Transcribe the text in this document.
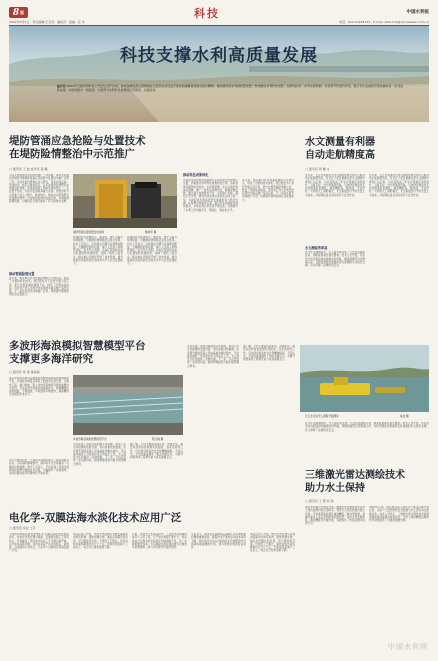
8 版
2022年8月5日 · 责任编辑/王丹丹 · 编校员 · 美编 · 张 末
科技	中国水利报
电话：010-63205233 · E-mail: zbsh.kxb@chinawater.com.cn
科技支撑水利高质量发展
编者按 2022年全国水利科技工作会议召开以来，各地各单位深入贯彻落实习近平总书记关于治水的重要讲话指示批示精神，推动新阶段水利高质量发展，加快推进水利科技创新，在防汛抗旱、水旱灾害防御、水资源节约集约利用、数字孪生流域建设等领域取得一系列创新成果。本版特推出一组报道，介绍部分水利科技成果的应用情况，以飨读者。
堤防管涌应急抢险与处置技术
在堤防险情整治中示范推广
□ 通讯员 王 波 成学亮 姜 曦
为深入贯彻落实水利科技推广工作部署，黄河水利委员会组织开展堤防管涌应急抢险与处置技术推广应用工作。该技术由科研单位自主研发，具有快速反滤、导渗排水、稳定可靠等特点，在多处堤防险情整治中取得良好效果。管涌是堤防工程常见的险情之一，若处置不及时，可能引发溃堤等重大灾害。传统抢险方法需要大量人力物力，耗时较长。新技术采用装配式反滤围井结构，可在较短时间内完成安装，有效控制险情发展，为堤防安全度汛提供了有力的技术支撑。
推动管涌险情处置
近年来，相关单位针对管涌险情特点开展攻关，形成了完整的技术体系。项目组在多个省份开展示范应用，累计处置管涌险情数十处，经受了汛期实战检验。该技术已列入水利先进实用技术重点推广指导目录，下一步将在更多流域推广应用，持续提升堤防险情应急处置能力。
堤防管涌处置装置安装现场	韩晓军 摄
管涌抢险设备体积小、重量轻，便于运输与快速组装，可根据险情规模灵活组合使用。技术人员表示，该装置在汛期可实现即到即装，大幅缩短抢险时间，减少人员投入和物资消耗。在今年主汛期，多地应用该技术成功处置堤防管涌险情，保障了堤防工程安全。相关单位还组织开展了技术培训，提升基层防汛抢险队伍的技术水平与应急处置能力。
管涌抢险设备体积小、重量轻，便于运输与快速组装，可根据险情规模灵活组合使用。技术人员表示，该装置在汛期可实现即到即装，大幅缩短抢险时间，减少人员投入和物资消耗。在今年主汛期，多地应用该技术成功处置堤防管涌险情，保障了堤防工程安全。相关单位还组织开展了技术培训，提升基层防汛抢险队伍的技术水平与应急处置能力。
推动科技成果转化
水利部坚持把科技创新摆在水利发展全局的核心位置，加快推进水利科技成果转化应用。各地各单位围绕防汛抗旱、水资源管理、水生态保护等重点领域，推广一批先进适用技术，取得显著成效。通过建立成果转化平台、完善推广机制、强化示范引领，推动科技成果从实验室走向工程一线，为新阶段水利高质量发展提供有力科技支撑。在智慧水利建设方面，数字孪生流域建设加快推进，水利业务应用系统不断完善，有效提升了水利工作的数字化、网络化、智能化水平。
近年来，相关单位针对管涌险情特点开展攻关，形成了完整的技术体系。项目组在多个省份开展示范应用，累计处置管涌险情数十处，经受了汛期实战检验。该技术已列入水利先进实用技术重点推广指导目录，下一步将在更多流域推广应用，持续提升堤防险情应急处置能力。
水文测量有利器
自动走航精度高
□ 通讯员 周 耀 文
近年来，长江水利委员会水文局组织研发的无人船自动走航测量系统，在长江干流及重要支流水文测验中得到广泛应用。该系统集成了声学多普勒流速剖面仪、卫星定位、自动导航等设备，可按预设航线自主完成断面流量测验，测量精度高、效率高、安全性好。与传统人工测船相比，无人船测量可节约大量人力成本，并能够在复杂水流条件下安全作业。
水文测验效率高
在今年汛期测验中，无人船系统完成了大量流量测验任务，测验成果满足规范要求。技术人员介绍，该系统支持远程监控和数据实时传输，测验数据可自动整编入库，为防汛调度决策提供及时准确的水文信息支撑，有力保障了流域防洪安全。
近年来，长江水利委员会水文局组织研发的无人船自动走航测量系统，在长江干流及重要支流水文测验中得到广泛应用。该系统集成了声学多普勒流速剖面仪、卫星定位、自动导航等设备，可按预设航线自主完成断面流量测验，测量精度高、效率高、安全性好。与传统人工测船相比，无人船测量可节约大量人力成本，并能够在复杂水流条件下安全作业。
长江水文局无人测船开展测验	杨成 摄
多波形海浪模拟智慧模型平台
支撑更多海洋研究
□ 通讯员 常 建 黄丽娟
南京水利科学研究院建成的多波形海浪模拟智慧模型平台，可模拟多种复杂海况下的波浪运动过程，为海岸工程、港口航道、海上风电等领域研究提供重要技术手段。平台采用先进的造波控制技术，能够精确生成规则波、不规则波、多向波等多种波形，模拟精度达到国际先进水平。
该平台建成以来，已承担多项国家重大工程试验研究任务，为沿海防潮堤建设、港口码头设计等提供了可靠的试验数据。研究人员表示，平台实现了试验过程智能化控制与数据自动采集，大幅提升了试验效率，未来将面向更多科研单位开放共享。
多波形海浪模拟智慧模型平台	陈志刚 摄
平台实现了试验过程的数字化管理，研究人员可远程操控造波设备、实时查看试验数据。在近期开展的某海上风电基础冲刷试验中，平台成功模拟了台风浪作用下的复杂工况，为工程设计优化提供了关键依据。下一步，平台还将进一步拓展功能，推进物理模型与数学模型耦合研究。
据了解，平台主要由造波系统、消波系统、测量系统和智能控制系统组成，各系统协同工作，可实现对海浪的全过程精确模拟。专家认为，平台的建成填补了相关领域空白，对提升我国海洋工程研究能力具有重要意义。
平台实现了试验过程的数字化管理，研究人员可远程操控造波设备、实时查看试验数据。在近期开展的某海上风电基础冲刷试验中，平台成功模拟了台风浪作用下的复杂工况，为工程设计优化提供了关键依据。下一步，平台还将进一步拓展功能，推进物理模型与数学模型耦合研究。
据了解，平台主要由造波系统、消波系统、测量系统和智能控制系统组成，各系统协同工作，可实现对海浪的全过程精确模拟。专家认为，平台的建成填补了相关领域空白，对提升我国海洋工程研究能力具有重要意义。
电化学-双膜法海水淡化技术应用广泛
□ 通讯员 李亚 王苏
天津市科研团队研发的电化学-双膜法海水淡化集成技术，将电化学预处理与超滤、反渗透双膜工艺有机结合，有效解决了传统海水淡化工艺中膜污染严重、运行成本高等问题。该技术具有产水水质稳定、能耗低、占地面积小等优点，已在多个沿海地区和海岛推广应用。
项目负责人介绍，电化学预处理可有效去除海水中的有机物、胶体和微生物，减轻后续膜系统负荷，延长膜使用寿命。与传统工艺相比，新技术吨水能耗降低约百分之十五，药剂使用量减少三成以上，综合运行成本显著下降。
目前，该技术已在海岛供水、工业用水等领域形成多个示范工程，日产淡水规模不断扩大。相关单位正在推动技术标准化和装备国产化，进一步降低建设成本，为沿海缺水地区提供更多可靠的水资源保障，助力水资源节约集约利用。
专家表示，海水淡化是解决沿海地区水资源短缺问题的重要途径。随着技术不断进步和成本持续下降，海水淡化水将在沿海地区水资源配置中发挥越来越重要的作用，成为常规水源的有益补充。
项目负责人介绍，电化学预处理可有效去除海水中的有机物、胶体和微生物，减轻后续膜系统负荷，延长膜使用寿命。与传统工艺相比，新技术吨水能耗降低约百分之十五，药剂使用量减少三成以上，综合运行成本显著下降。
三维激光雷达测绘技术
助力水土保持
□ 通讯员 王 源 刘 海
黄河水利委员会组织开展三维激光雷达测绘技术在水土保持监测中的应用研究，利用无人机搭载激光雷达设备，可快速获取监测区域高精度三维地形数据，准确计算水土流失量和淤地坝淤积量。该技术作业效率高，测量精度可达厘米级，有效弥补了传统监测手段的不足。
2022年以来，项目组在黄土高原多个重点区域开展应用，完成了大量淤地坝安全监测与水土流失动态监测任务。技术人员表示，三维激光雷达测绘技术能够穿透植被获取真实地表信息，为水土保持精准治理和科学决策提供了可靠的数据支撑。
在今年汛期测验中，无人船系统完成了大量流量测验任务，测验成果满足规范要求。技术人员介绍，该系统支持远程监控和数据实时传输，测验数据可自动整编入库，为防汛调度决策提供及时准确的水文信息支撑，有力保障了流域防洪安全。
中国水利网
